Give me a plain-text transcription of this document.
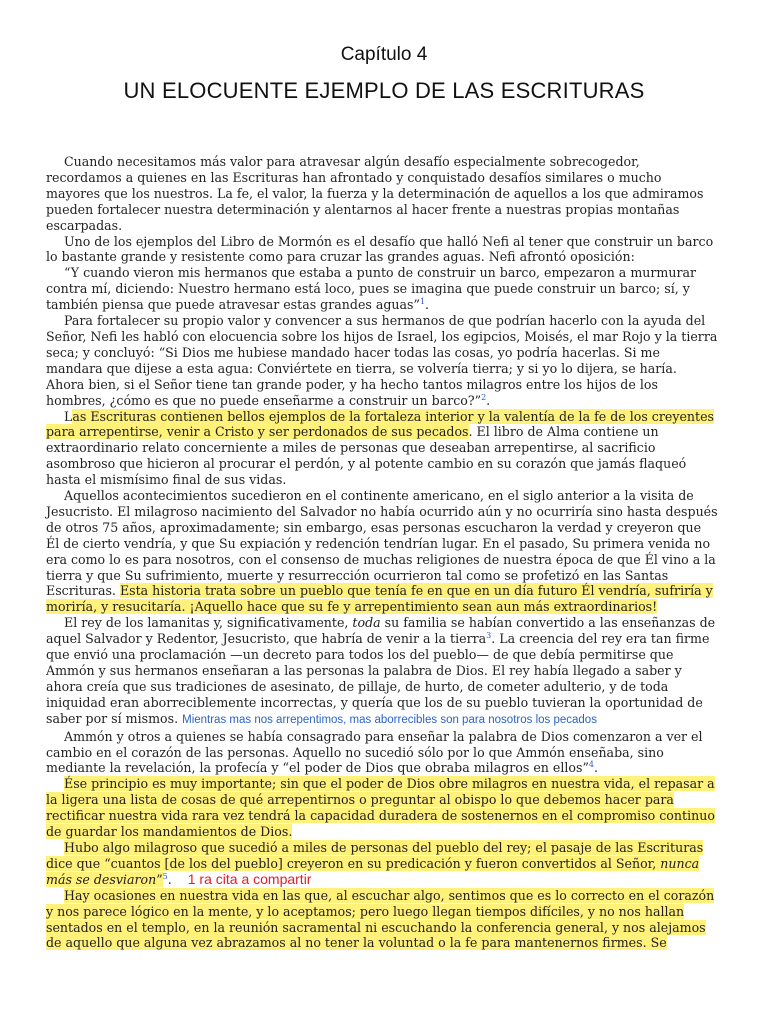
Capítulo 4
UN ELOCUENTE EJEMPLO DE LAS ESCRITURAS

Cuando necesitamos más valor para atravesar algún desafío especialmente sobrecogedor, recordamos a quienes en las Escrituras han afrontado y conquistado desafíos similares o mucho mayores que los nuestros. La fe, el valor, la fuerza y la determinación de aquellos a los que admiramos pueden fortalecer nuestra determinación y alentarnos al hacer frente a nuestras propias montañas escarpadas.

Uno de los ejemplos del Libro de Mormón es el desafío que halló Nefi al tener que construir un barco lo bastante grande y resistente como para cruzar las grandes aguas. Nefi afrontó oposición:

“Y cuando vieron mis hermanos que estaba a punto de construir un barco, empezaron a murmurar contra mí, diciendo: Nuestro hermano está loco, pues se imagina que puede construir un barco; sí, y también piensa que puede atravesar estas grandes aguas”$^1$.

Para fortalecer su propio valor y convencer a sus hermanos de que podrían hacerlo con la ayuda del Señor, Nefi les habló con elocuencia sobre los hijos de Israel, los egipcios, Moisés, el mar Rojo y la tierra seca; y concluyó: “Si Dios me hubiese mandado hacer todas las cosas, yo podría hacerlas. Si me mandara que dijese a esta agua: Conviértete en tierra, se volvería tierra; y si yo lo dijera, se haría. Ahora bien, si el Señor tiene tan grande poder, y ha hecho tantos milagros entre los hijos de los hombres, ¿cómo es que no puede enseñarme a construir un barco?”$^2$.

Las Escrituras contienen bellos ejemplos de la fortaleza interior y la valentía de la fe de los creyentes para arrepentirse, venir a Cristo y ser perdonados de sus pecados. El libro de Alma contiene un extraordinario relato concerniente a miles de personas que deseaban arrepentirse, al sacrificio asombroso que hicieron al procurar el perdón, y al potente cambio en su corazón que jamás flaqueó hasta el mismísimo final de sus vidas.

Aquellos acontecimientos sucedieron en el continente americano, en el siglo anterior a la visita de Jesucristo. El milagroso nacimiento del Salvador no había ocurrido aún y no ocurriría sino hasta después de otros 75 años, aproximadamente; sin embargo, esas personas escucharon la verdad y creyeron que Él de cierto vendría, y que Su expiación y redención tendrían lugar. En el pasado, Su primera venida no era como lo es para nosotros, con el consenso de muchas religiones de nuestra época de que Él vino a la tierra y que Su sufrimiento, muerte y resurrección ocurrieron tal como se profetizó en las Santas Escrituras. Esta historia trata sobre un pueblo que tenía fe en que en un día futuro Él vendría, sufriría y moriría, y resucitaría. ¡Aquello hace que su fe y arrepentimiento sean aun más extraordinarios!

El rey de los lamanitas y, significativamente, toda su familia se habían convertido a las enseñanzas de aquel Salvador y Redentor, Jesucristo, que habría de venir a la tierra$^3$. La creencia del rey era tan firme que envió una proclamación —un decreto para todos los del pueblo— de que debía permitirse que Ammón y sus hermanos enseñaran a las personas la palabra de Dios. El rey había llegado a saber y ahora creía que sus tradiciones de asesinato, de pillaje, de hurto, de cometer adulterio, y de toda iniquidad eran aborreciblemente incorrectas, y quería que los de su pueblo tuvieran la oportunidad de saber por sí mismos. Mientras mas nos arrepentimos, mas aborrecibles son para nosotros los pecados

Ammón y otros a quienes se había consagrado para enseñar la palabra de Dios comenzaron a ver el cambio en el corazón de las personas. Aquello no sucedió sólo por lo que Ammón enseñaba, sino mediante la revelación, la profecía y “el poder de Dios que obraba milagros en ellos”$^4$.

Ése principio es muy importante; sin que el poder de Dios obre milagros en nuestra vida, el repasar a la ligera una lista de cosas de qué arrepentirnos o preguntar al obispo lo que debemos hacer para rectificar nuestra vida rara vez tendrá la capacidad duradera de sostenernos en el compromiso continuo de guardar los mandamientos de Dios.

Hubo algo milagroso que sucedió a miles de personas del pueblo del rey; el pasaje de las Escrituras dice que “cuantos [de los del pueblo] creyeron en su predicación y fueron convertidos al Señor, nunca más se desviaron”$^5$. 1 ra cita a compartir

Hay ocasiones en nuestra vida en las que, al escuchar algo, sentimos que es lo correcto en el corazón y nos parece lógico en la mente, y lo aceptamos; pero luego llegan tiempos difíciles, y no nos hallan sentados en el templo, en la reunión sacramental ni escuchando la conferencia general, y nos alejamos de aquello que alguna vez abrazamos al no tener la voluntad o la fe para mantenernos firmes. Se
